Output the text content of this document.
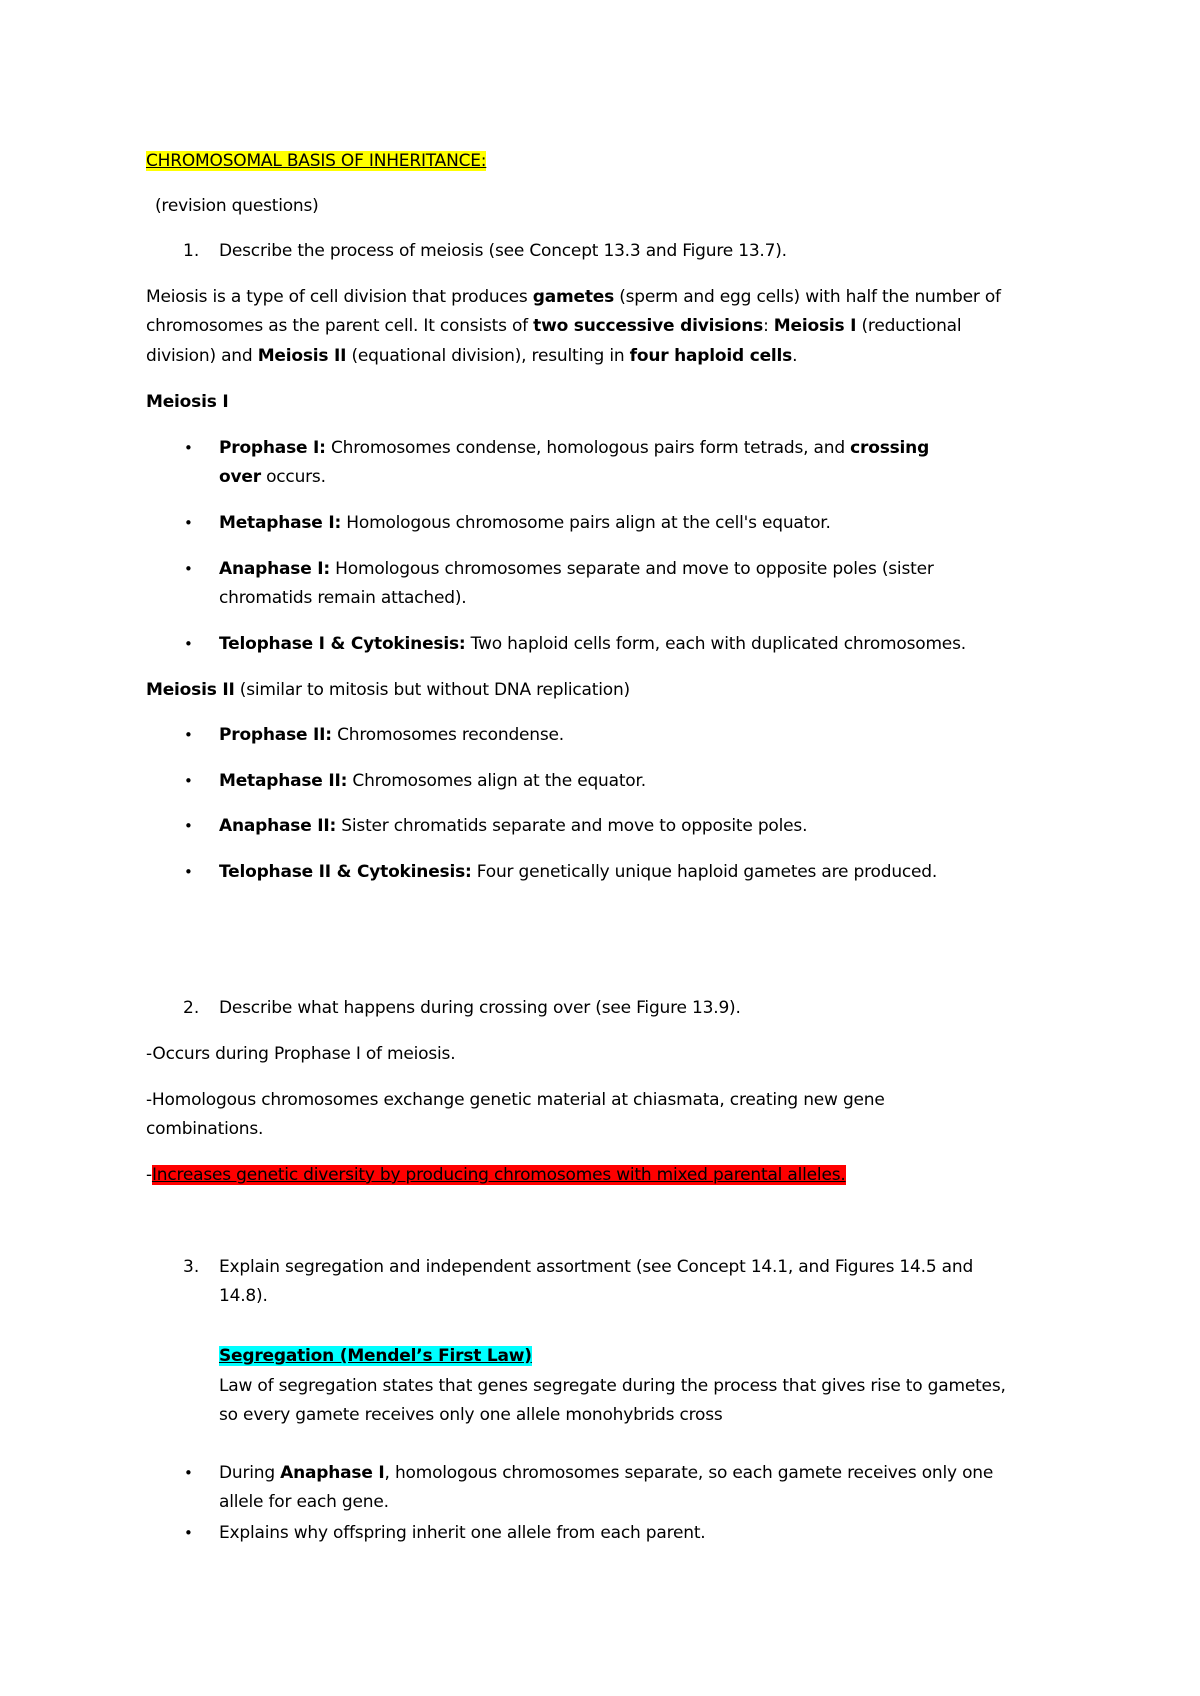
CHROMOSOMAL BASIS OF INHERITANCE:
(revision questions)
1. Describe the process of meiosis (see Concept 13.3 and Figure 13.7).
Meiosis is a type of cell division that produces gametes (sperm and egg cells) with half the number of
chromosomes as the parent cell. It consists of two successive divisions: Meiosis I (reductional
division) and Meiosis II (equational division), resulting in four haploid cells.
Meiosis I
• Prophase I: Chromosomes condense, homologous pairs form tetrads, and crossing
over occurs.
• Metaphase I: Homologous chromosome pairs align at the cell's equator.
• Anaphase I: Homologous chromosomes separate and move to opposite poles (sister
chromatids remain attached).
• Telophase I & Cytokinesis: Two haploid cells form, each with duplicated chromosomes.
Meiosis II (similar to mitosis but without DNA replication)
• Prophase II: Chromosomes recondense.
• Metaphase II: Chromosomes align at the equator.
• Anaphase II: Sister chromatids separate and move to opposite poles.
• Telophase II & Cytokinesis: Four genetically unique haploid gametes are produced.
2. Describe what happens during crossing over (see Figure 13.9).
-Occurs during Prophase I of meiosis.
-Homologous chromosomes exchange genetic material at chiasmata, creating new gene
combinations.
-Increases genetic diversity by producing chromosomes with mixed parental alleles.
3. Explain segregation and independent assortment (see Concept 14.1, and Figures 14.5 and
14.8).
Segregation (Mendel’s First Law)
Law of segregation states that genes segregate during the process that gives rise to gametes,
so every gamete receives only one allele monohybrids cross
• During Anaphase I, homologous chromosomes separate, so each gamete receives only one
allele for each gene.
• Explains why offspring inherit one allele from each parent.
